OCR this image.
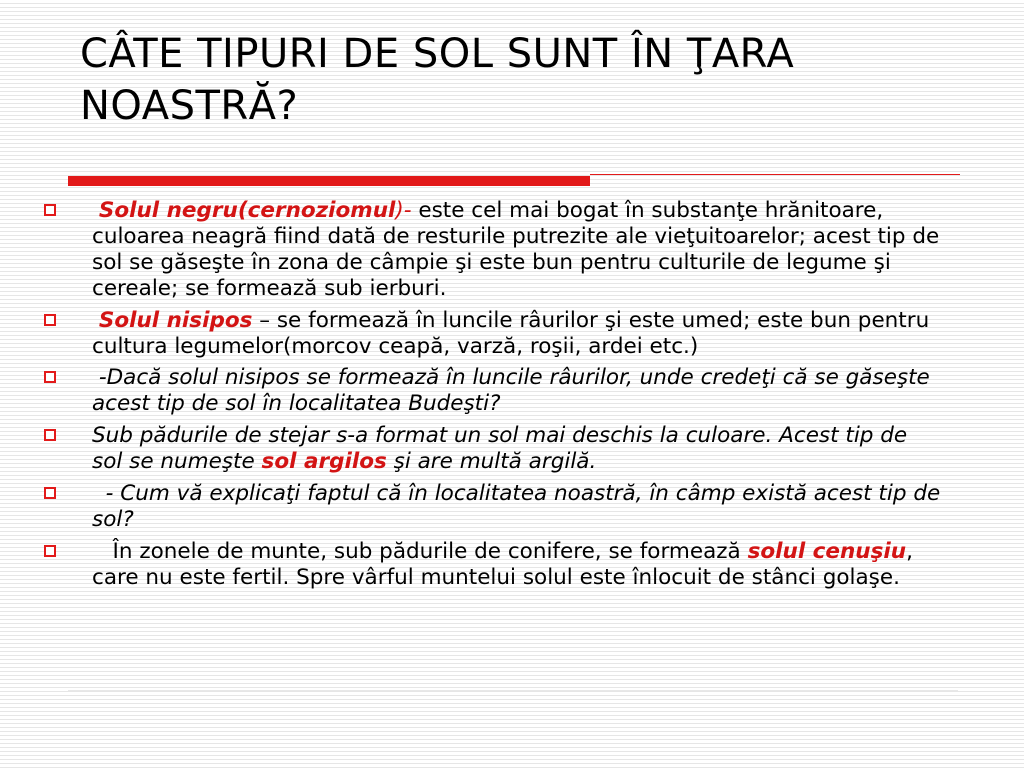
CÂTE TIPURI DE SOL SUNT ÎN ŢARA NOASTRĂ?
Solul negru(cernoziomul)- este cel mai bogat în substanţe hrănitoare, culoarea neagră fiind dată de resturile putrezite ale vieţuitoarelor; acest tip de sol se găseşte în zona de câmpie şi este bun pentru culturile de legume şi cereale; se formează sub ierburi.
Solul nisipos – se formează în luncile râurilor şi este umed; este bun pentru cultura legumelor(morcov ceapă, varză, roşii, ardei etc.)
-Dacă solul nisipos se formează în luncile râurilor, unde credeţi că se găseşte acest tip de sol în localitatea Budeşti?
Sub pădurile de stejar s-a format un sol mai deschis la culoare. Acest tip de sol se numeşte sol argilos şi are multă argilă.
- Cum vă explicaţi faptul că în localitatea noastră, în câmp există acest tip de sol?
În zonele de munte, sub pădurile de conifere, se formează solul cenuşiu, care nu este fertil. Spre vârful muntelui solul este înlocuit de stânci golaşe.
